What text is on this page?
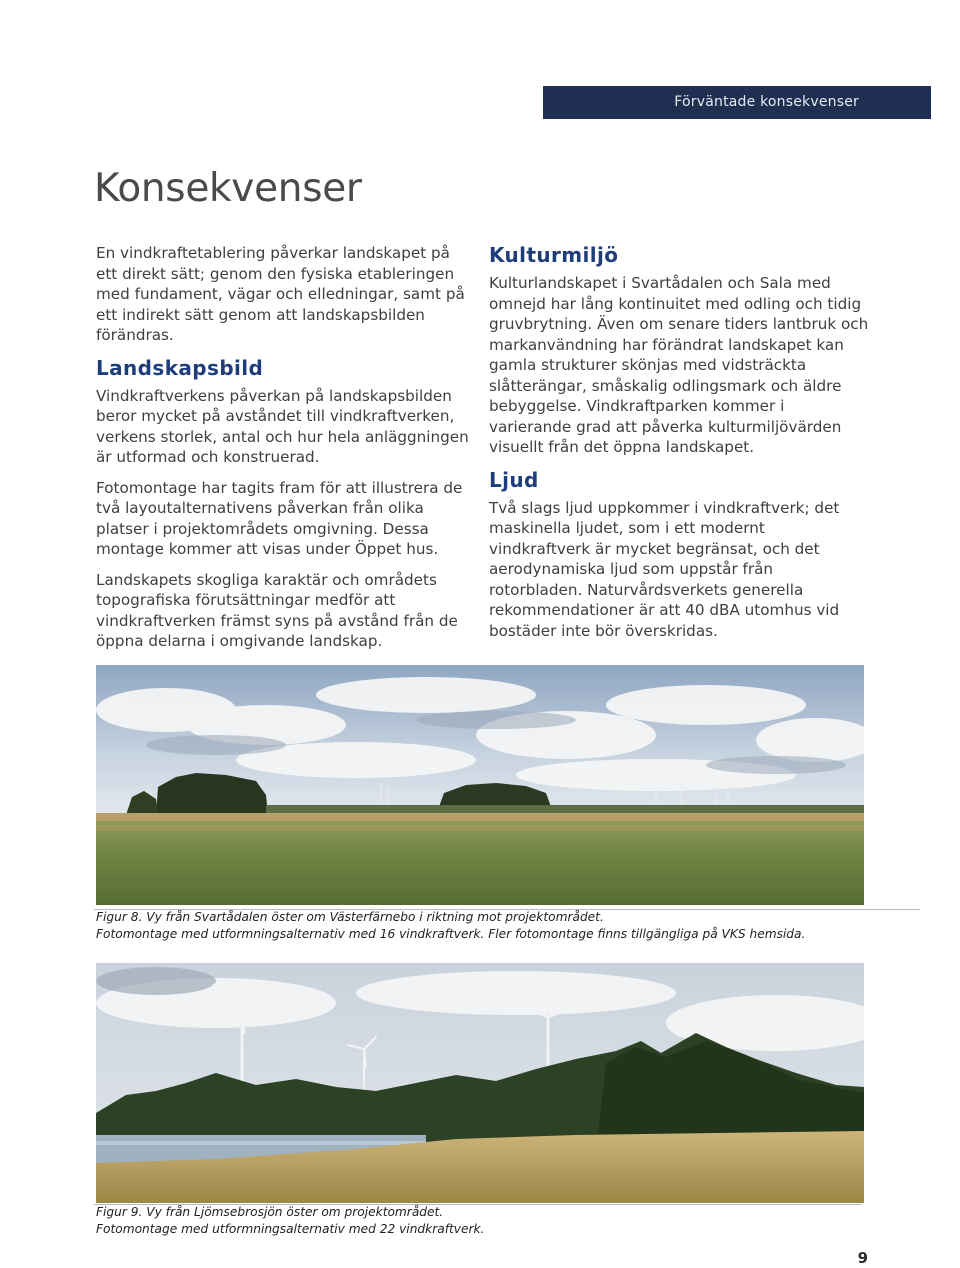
Förväntade konsekvenser
Konsekvenser

En vindkraftetablering påverkar landskapet på ett direkt sätt; genom den fysiska etableringen med fundament, vägar och elledningar, samt på ett indirekt sätt genom att landskapsbilden förändras.

Landskapsbild

Vindkraftverkens påverkan på landskapsbilden beror mycket på avståndet till vindkraftverken, verkens storlek, antal och hur hela anläggningen är utformad och konstruerad.

Fotomontage har tagits fram för att illustrera de två layoutalternativens påverkan från olika platser i projektområdets omgivning. Dessa montage kommer att visas under Öppet hus.

Landskapets skogliga karaktär och områdets topografiska förutsättningar medför att vindkraftverken främst syns på avstånd från de öppna delarna i omgivande landskap.

Kulturmiljö

Kulturlandskapet i Svartådalen och Sala med omnejd har lång kontinuitet med odling och tidig gruvbrytning. Även om senare tiders lantbruk och markanvändning har förändrat landskapet kan gamla strukturer skönjas med vidsträckta slåtterängar, småskalig odlingsmark och äldre bebyggelse. Vindkraftparken kommer i varierande grad att påverka kulturmiljövärden visuellt från det öppna landskapet.

Ljud

Två slags ljud uppkommer i vindkraftverk; det maskinella ljudet, som i ett modernt vindkraftverk är mycket begränsat, och det aerodynamiska ljud som uppstår från rotorbladen. Naturvårdsverkets generella rekommendationer är att 40 dBA utomhus vid bostäder inte bör överskridas.

Figur 8. Vy från Svartådalen öster om Västerfärnebo i riktning mot projektområdet.
Fotomontage med utformningsalternativ med 16 vindkraftverk. Fler fotomontage finns tillgängliga på VKS hemsida.
Figur 9. Vy från Ljömsebrosjön öster om projektområdet.
Fotomontage med utformningsalternativ med 22 vindkraftverk.
9
